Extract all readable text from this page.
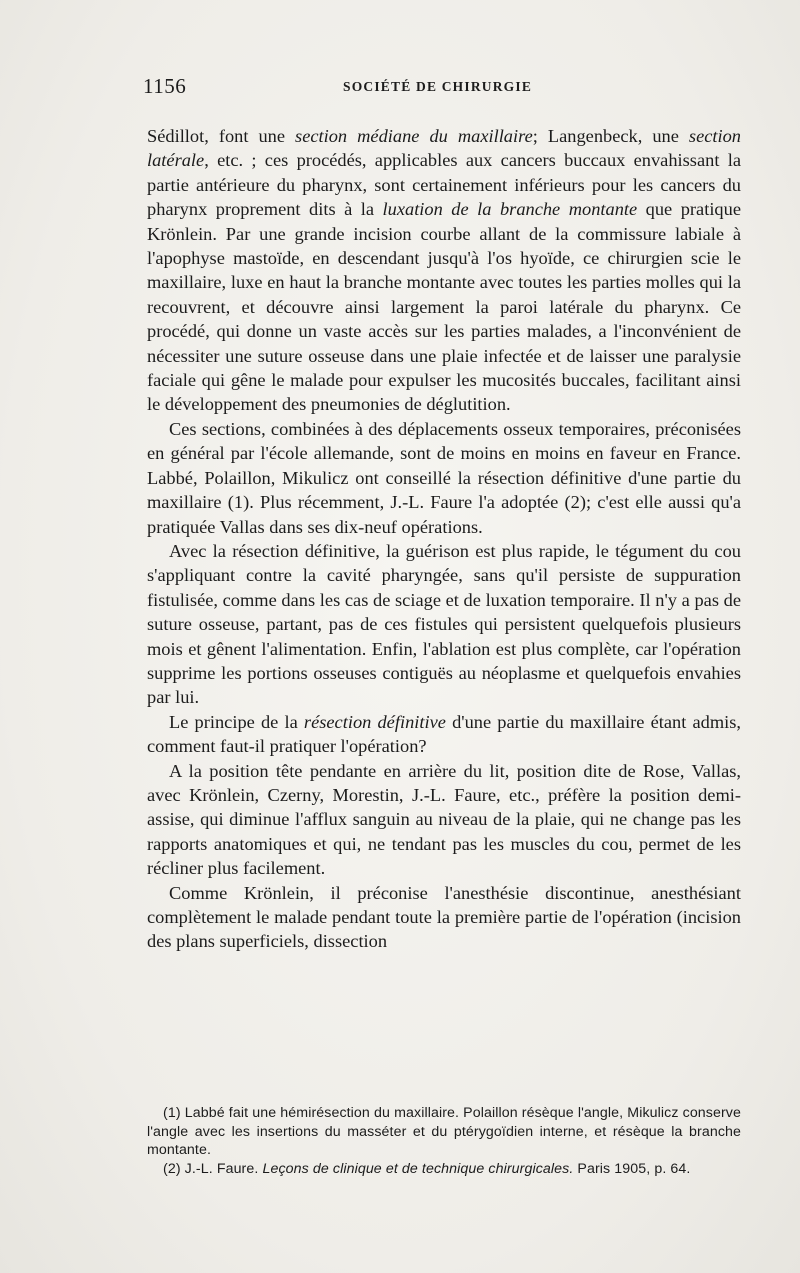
1156	SOCIÉTÉ DE CHIRURGIE

Sédillot, font une section médiane du maxillaire; Langenbeck, une section latérale, etc. ; ces procédés, applicables aux cancers buccaux envahissant la partie antérieure du pharynx, sont certainement inférieurs pour les cancers du pharynx proprement dits à la luxation de la branche montante que pratique Krönlein. Par une grande incision courbe allant de la commissure labiale à l'apophyse mastoïde, en descendant jusqu'à l'os hyoïde, ce chirurgien scie le maxillaire, luxe en haut la branche montante avec toutes les parties molles qui la recouvrent, et découvre ainsi largement la paroi latérale du pharynx. Ce procédé, qui donne un vaste accès sur les parties malades, a l'inconvénient de nécessiter une suture osseuse dans une plaie infectée et de laisser une paralysie faciale qui gêne le malade pour expulser les mucosités buccales, facilitant ainsi le développement des pneumonies de déglutition.

Ces sections, combinées à des déplacements osseux temporaires, préconisées en général par l'école allemande, sont de moins en moins en faveur en France. Labbé, Polaillon, Mikulicz ont conseillé la résection définitive d'une partie du maxillaire (1). Plus récemment, J.-L. Faure l'a adoptée (2); c'est elle aussi qu'a pratiquée Vallas dans ses dix-neuf opérations.

Avec la résection définitive, la guérison est plus rapide, le tégument du cou s'appliquant contre la cavité pharyngée, sans qu'il persiste de suppuration fistulisée, comme dans les cas de sciage et de luxation temporaire. Il n'y a pas de suture osseuse, partant, pas de ces fistules qui persistent quelquefois plusieurs mois et gênent l'alimentation. Enfin, l'ablation est plus complète, car l'opération supprime les portions osseuses contiguës au néoplasme et quelquefois envahies par lui.

Le principe de la résection définitive d'une partie du maxillaire étant admis, comment faut-il pratiquer l'opération?

A la position tête pendante en arrière du lit, position dite de Rose, Vallas, avec Krönlein, Czerny, Morestin, J.-L. Faure, etc., préfère la position demi-assise, qui diminue l'afflux sanguin au niveau de la plaie, qui ne change pas les rapports anatomiques et qui, ne tendant pas les muscles du cou, permet de les récliner plus facilement.

Comme Krönlein, il préconise l'anesthésie discontinue, anesthésiant complètement le malade pendant toute la première partie de l'opération (incision des plans superficiels, dissection

(1) Labbé fait une hémirésection du maxillaire. Polaillon résèque l'angle, Mikulicz conserve l'angle avec les insertions du masséter et du ptérygoïdien interne, et résèque la branche montante.

(2) J.-L. Faure. Leçons de clinique et de technique chirurgicales. Paris 1905, p. 64.
